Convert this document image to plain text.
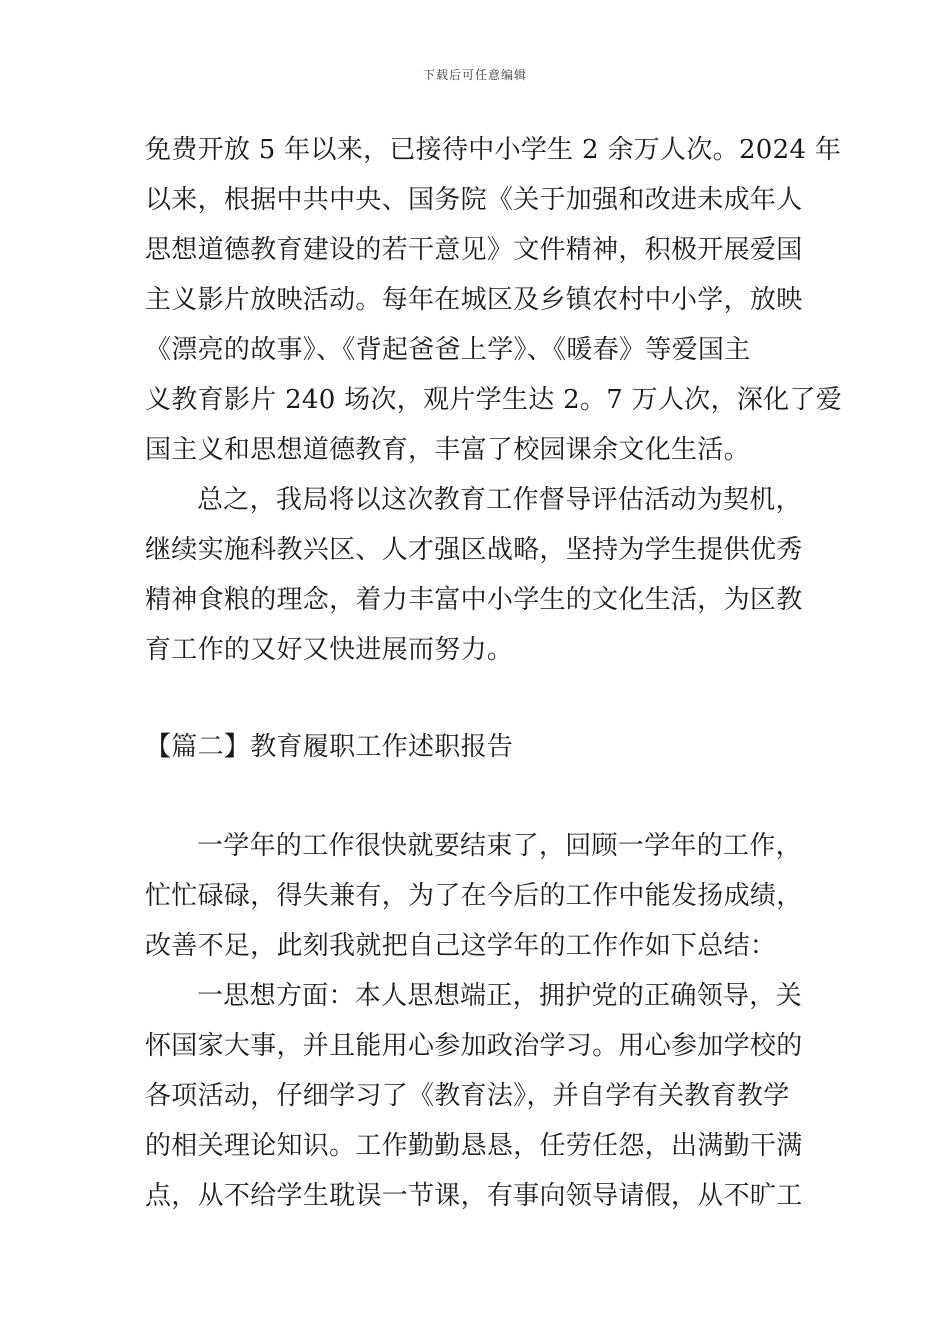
下载后可任意编辑
免费开放 5 年以来，已接待中小学生 2 余万人次。2024 年
以来，根据中共中央、国务院《关于加强和改进未成年人
思想道德教育建设的若干意见》文件精神，积极开展爱国
主义影片放映活动。每年在城区及乡镇农村中小学，放映
《漂亮的故事》、《背起爸爸上学》、《暖春》等爱国主
义教育影片 240 场次，观片学生达 2。7 万人次，深化了爱
国主义和思想道德教育，丰富了校园课余文化生活。
总之，我局将以这次教育工作督导评估活动为契机，
继续实施科教兴区、人才强区战略，坚持为学生提供优秀
精神食粮的理念，着力丰富中小学生的文化生活，为区教
育工作的又好又快进展而努力。
【篇二】教育履职工作述职报告
一学年的工作很快就要结束了，回顾一学年的工作，
忙忙碌碌，得失兼有，为了在今后的工作中能发扬成绩，
改善不足，此刻我就把自己这学年的工作作如下总结：
一思想方面：本人思想端正，拥护党的正确领导，关
怀国家大事，并且能用心参加政治学习。用心参加学校的
各项活动，仔细学习了《教育法》，并自学有关教育教学
的相关理论知识。工作勤勤恳恳，任劳任怨，出满勤干满
点，从不给学生耽误一节课，有事向领导请假，从不旷工
